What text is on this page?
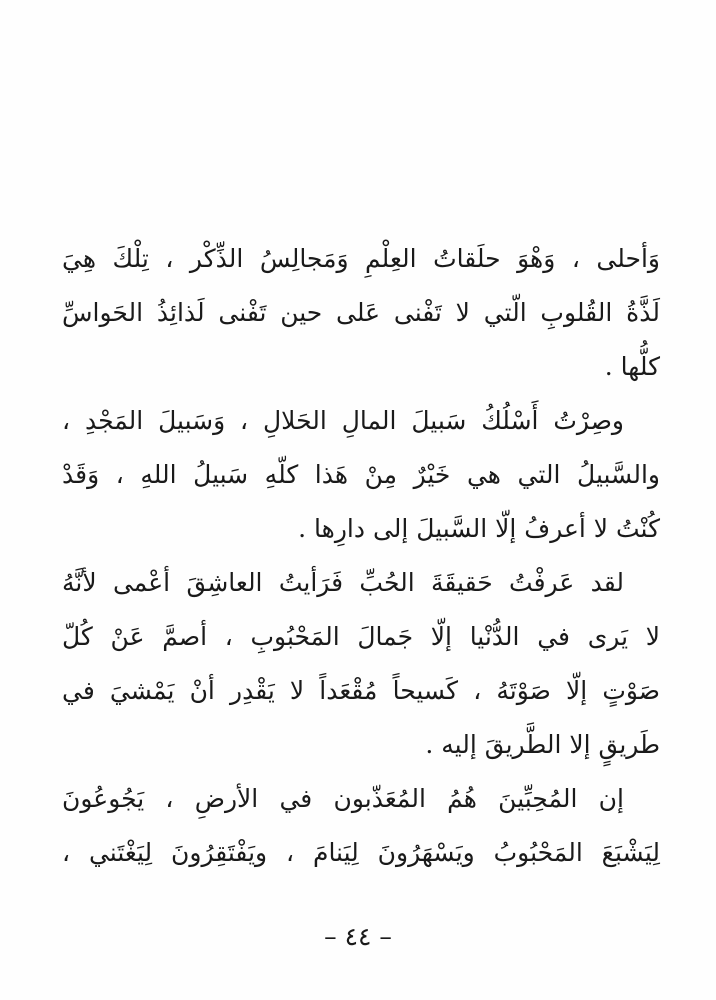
وَأحلى ، وَهْوَ حلَقاتُ العِلْمِ وَمَجالِسُ الذِّكْر ، تِلْكَ هِيَ
لَذَّةُ القُلوبِ الّتي لا تَفْنى عَلى حين تَفْنى لَذائِذُ الحَواسِّ
كلُّها .
وصِرْتُ أَسْلُكُ سَبيلَ المالِ الحَلالِ ، وَسَبيلَ المَجْدِ ،
والسَّبيلُ التي هي خَيْرٌ مِنْ هَذا كلّهِ سَبيلُ اللهِ ، وَقَدْ
كُنْتُ لا أعرفُ إلّا السَّبيلَ إلى دارِها .
لقد عَرفْتُ حَقيقَةَ الحُبِّ فَرَأيتُ العاشِقَ أعْمى لأنَّهُ
لا يَرى في الدُّنْيا إلّا جَمالَ المَحْبُوبِ ، أصمَّ عَنْ كُلّ
صَوْتٍ إلّا صَوْتَهُ ، كَسيحاً مُقْعَداً لا يَقْدِر أنْ يَمْشيَ في
طَريقٍ إلا الطَّريقَ إليه .
إن المُحِبِّينَ هُمُ المُعَذّبون في الأرضِ ، يَجُوعُونَ
لِيَشْبَعَ المَحْبُوبُ ويَسْهَرُونَ لِيَنامَ ، ويَفْتَقِرُونَ لِيَغْتَني ،
– ٤٤ –
